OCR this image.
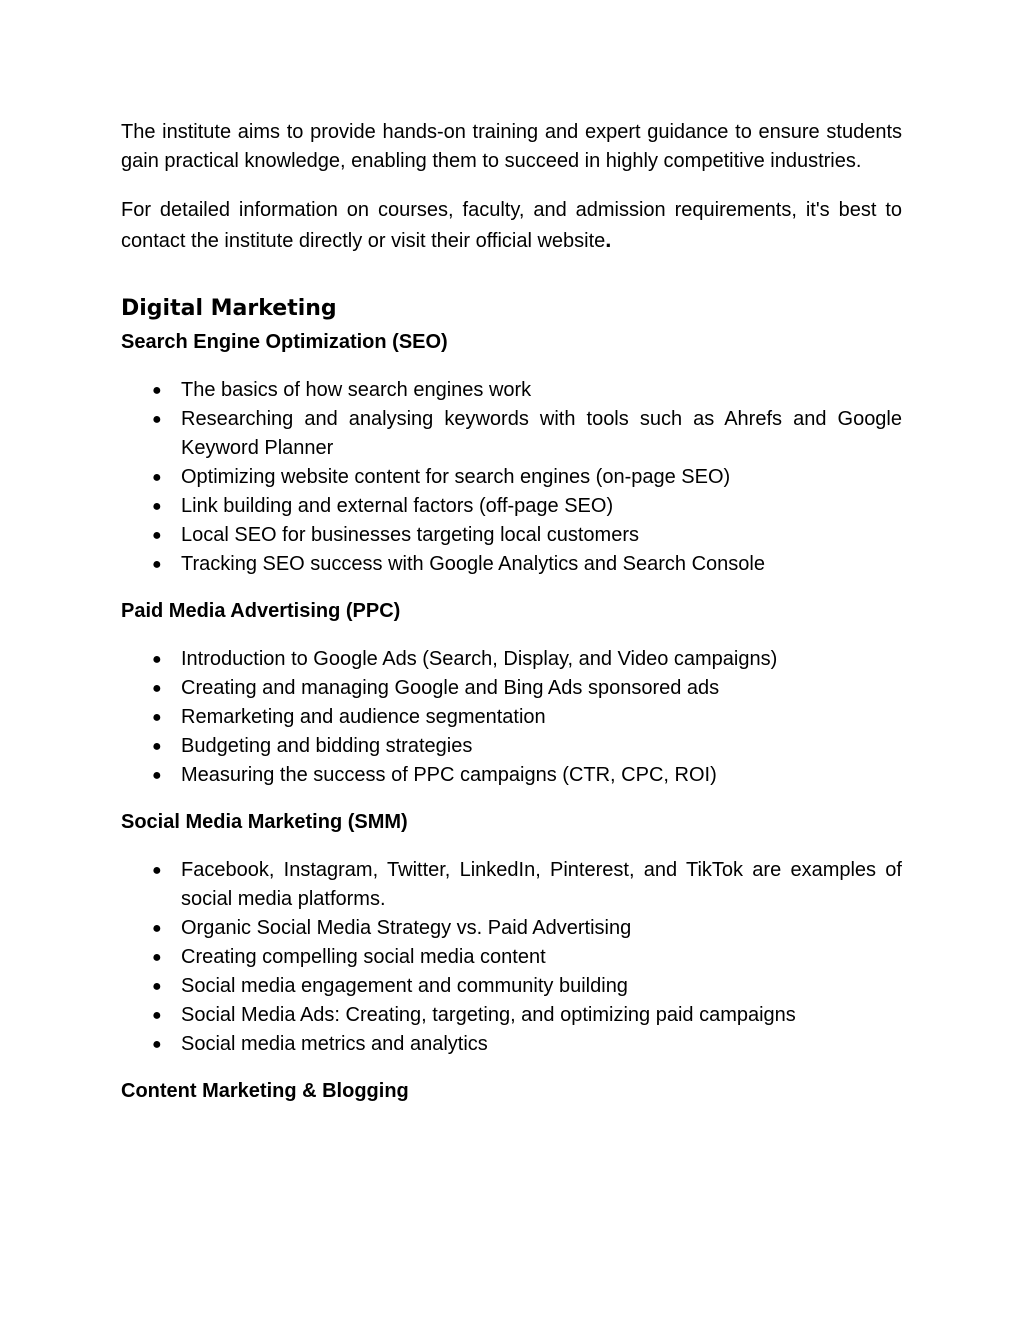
The institute aims to provide hands-on training and expert guidance to ensure students gain practical knowledge, enabling them to succeed in highly competitive industries.

For detailed information on courses, faculty, and admission requirements, it's best to contact the institute directly or visit their official website.

Digital Marketing
Search Engine Optimization (SEO)
● The basics of how search engines work
● Researching and analysing keywords with tools such as Ahrefs and Google Keyword Planner
● Optimizing website content for search engines (on-page SEO)
● Link building and external factors (off-page SEO)
● Local SEO for businesses targeting local customers
● Tracking SEO success with Google Analytics and Search Console
Paid Media Advertising (PPC)
● Introduction to Google Ads (Search, Display, and Video campaigns)
● Creating and managing Google and Bing Ads sponsored ads
● Remarketing and audience segmentation
● Budgeting and bidding strategies
● Measuring the success of PPC campaigns (CTR, CPC, ROI)
Social Media Marketing (SMM)
● Facebook, Instagram, Twitter, LinkedIn, Pinterest, and TikTok are examples of social media platforms.
● Organic Social Media Strategy vs. Paid Advertising
● Creating compelling social media content
● Social media engagement and community building
● Social Media Ads: Creating, targeting, and optimizing paid campaigns
● Social media metrics and analytics
Content Marketing & Blogging
